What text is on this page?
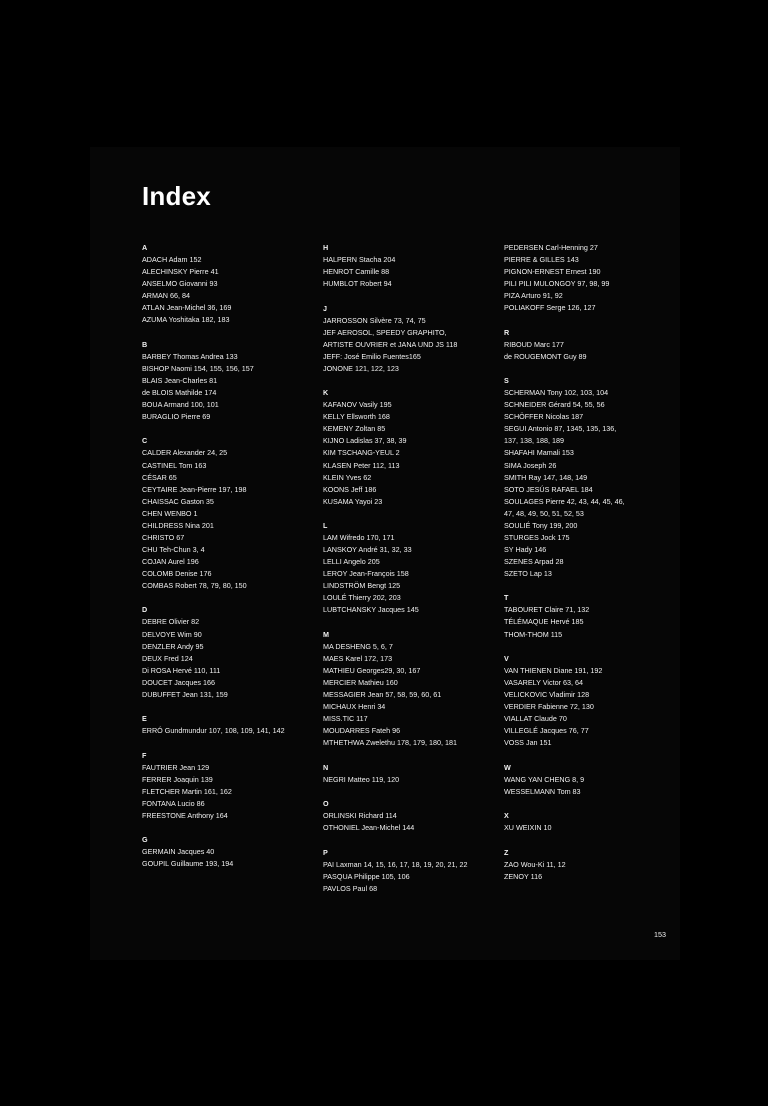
Index
A
ADACH Adam 152
ALECHINSKY Pierre 41
ANSELMO Giovanni 93
ARMAN 66, 84
ATLAN Jean-Michel 36, 169
AZUMA Yoshitaka 182, 183
B
BARBEY Thomas Andrea 133
BISHOP Naomi 154, 155, 156, 157
BLAIS Jean-Charles 81
de BLOIS Mathilde 174
BOUA Armand 100, 101
BURAGLIO Pierre 69
C
CALDER Alexander 24, 25
CASTINEL Tom 163
CÉSAR 65
CEYTAIRE Jean-Pierre 197, 198
CHAISSAC Gaston 35
CHEN WENBO 1
CHILDRESS Nina 201
CHRISTO 67
CHU Teh-Chun 3, 4
COJAN Aurel 196
COLOMB Denise 176
COMBAS Robert 78, 79, 80, 150
D
DEBRE Olivier 82
DELVOYE Wim 90
DENZLER Andy 95
DEUX Fred 124
Di ROSA Hervé 110, 111
DOUCET Jacques 166
DUBUFFET Jean 131, 159
E
ERRÓ Gundmundur 107, 108, 109, 141, 142
F
FAUTRIER Jean 129
FERRER Joaquin 139
FLETCHER Martin 161, 162
FONTANA Lucio 86
FREESTONE Anthony 164
G
GERMAIN Jacques 40
GOUPIL Guillaume 193, 194
H
HALPERN Stacha 204
HENROT Camille 88
HUMBLOT Robert 94
J
JARROSSON Silvère 73, 74, 75
JEF AEROSOL, SPEEDY GRAPHITO,
ARTISTE OUVRIER et JANA UND JS 118
JEFF: José Emilio Fuentes165
JONONE 121, 122, 123
K
KAFANOV Vasily 195
KELLY Ellsworth 168
KEMENY Zoltan 85
KIJNO Ladislas 37, 38, 39
KIM TSCHANG-YEUL 2
KLASEN Peter 112, 113
KLEIN Yves 62
KOONS Jeff 186
KUSAMA Yayoi 23
L
LAM Wifredo 170, 171
LANSKOY André 31, 32, 33
LELLI Angelo 205
LEROY Jean-François 158
LINDSTRÖM Bengt 125
LOULÉ Thierry 202, 203
LUBTCHANSKY Jacques 145
M
MA DESHENG 5, 6, 7
MAES Karel 172, 173
MATHIEU Georges29, 30, 167
MERCIER Mathieu 160
MESSAGIER Jean 57, 58, 59, 60, 61
MICHAUX Henri 34
MISS.TIC 117
MOUDARRES Fateh 96
MTHETHWA Zwelethu 178, 179, 180, 181
N
NEGRI Matteo 119, 120
O
ORLINSKI Richard 114
OTHONIEL Jean-Michel 144
P
PAI Laxman 14, 15, 16, 17, 18, 19, 20, 21, 22
PASQUA Philippe 105, 106
PAVLOS Paul 68
PEDERSEN Carl-Henning 27
PIERRE & GILLES 143
PIGNON-ERNEST Ernest 190
PILI PILI MULONGOY 97, 98, 99
PIZA Arturo 91, 92
POLIAKOFF Serge 126, 127
R
RIBOUD Marc 177
de ROUGEMONT Guy 89
S
SCHERMAN Tony 102, 103, 104
SCHNEIDER Gérard 54, 55, 56
SCHÖFFER Nicolas 187
SEGUI Antonio 87, 1345, 135, 136,
137, 138, 188, 189
SHAFAHI Mamali 153
SIMA Joseph 26
SMITH Ray 147, 148, 149
SOTO JESÚS RAFAEL 184
SOULAGES Pierre 42, 43, 44, 45, 46,
47, 48, 49, 50, 51, 52, 53
SOULIÉ Tony 199, 200
STURGES Jock 175
SY Hady 146
SZENES Arpad 28
SZETO Lap 13
T
TABOURET Claire 71, 132
TÉLÉMAQUE Hervé 185
THOM-THOM 115
V
VAN THIENEN Diane 191, 192
VASARELY Victor 63, 64
VELICKOVIC Vladimir 128
VERDIER Fabienne 72, 130
VIALLAT Claude 70
VILLEGLÉ Jacques 76, 77
VOSS Jan 151
W
WANG YAN CHENG 8, 9
WESSELMANN Tom 83
X
XU WEIXIN 10
Z
ZAO Wou-Ki 11, 12
ZENOY 116
153
